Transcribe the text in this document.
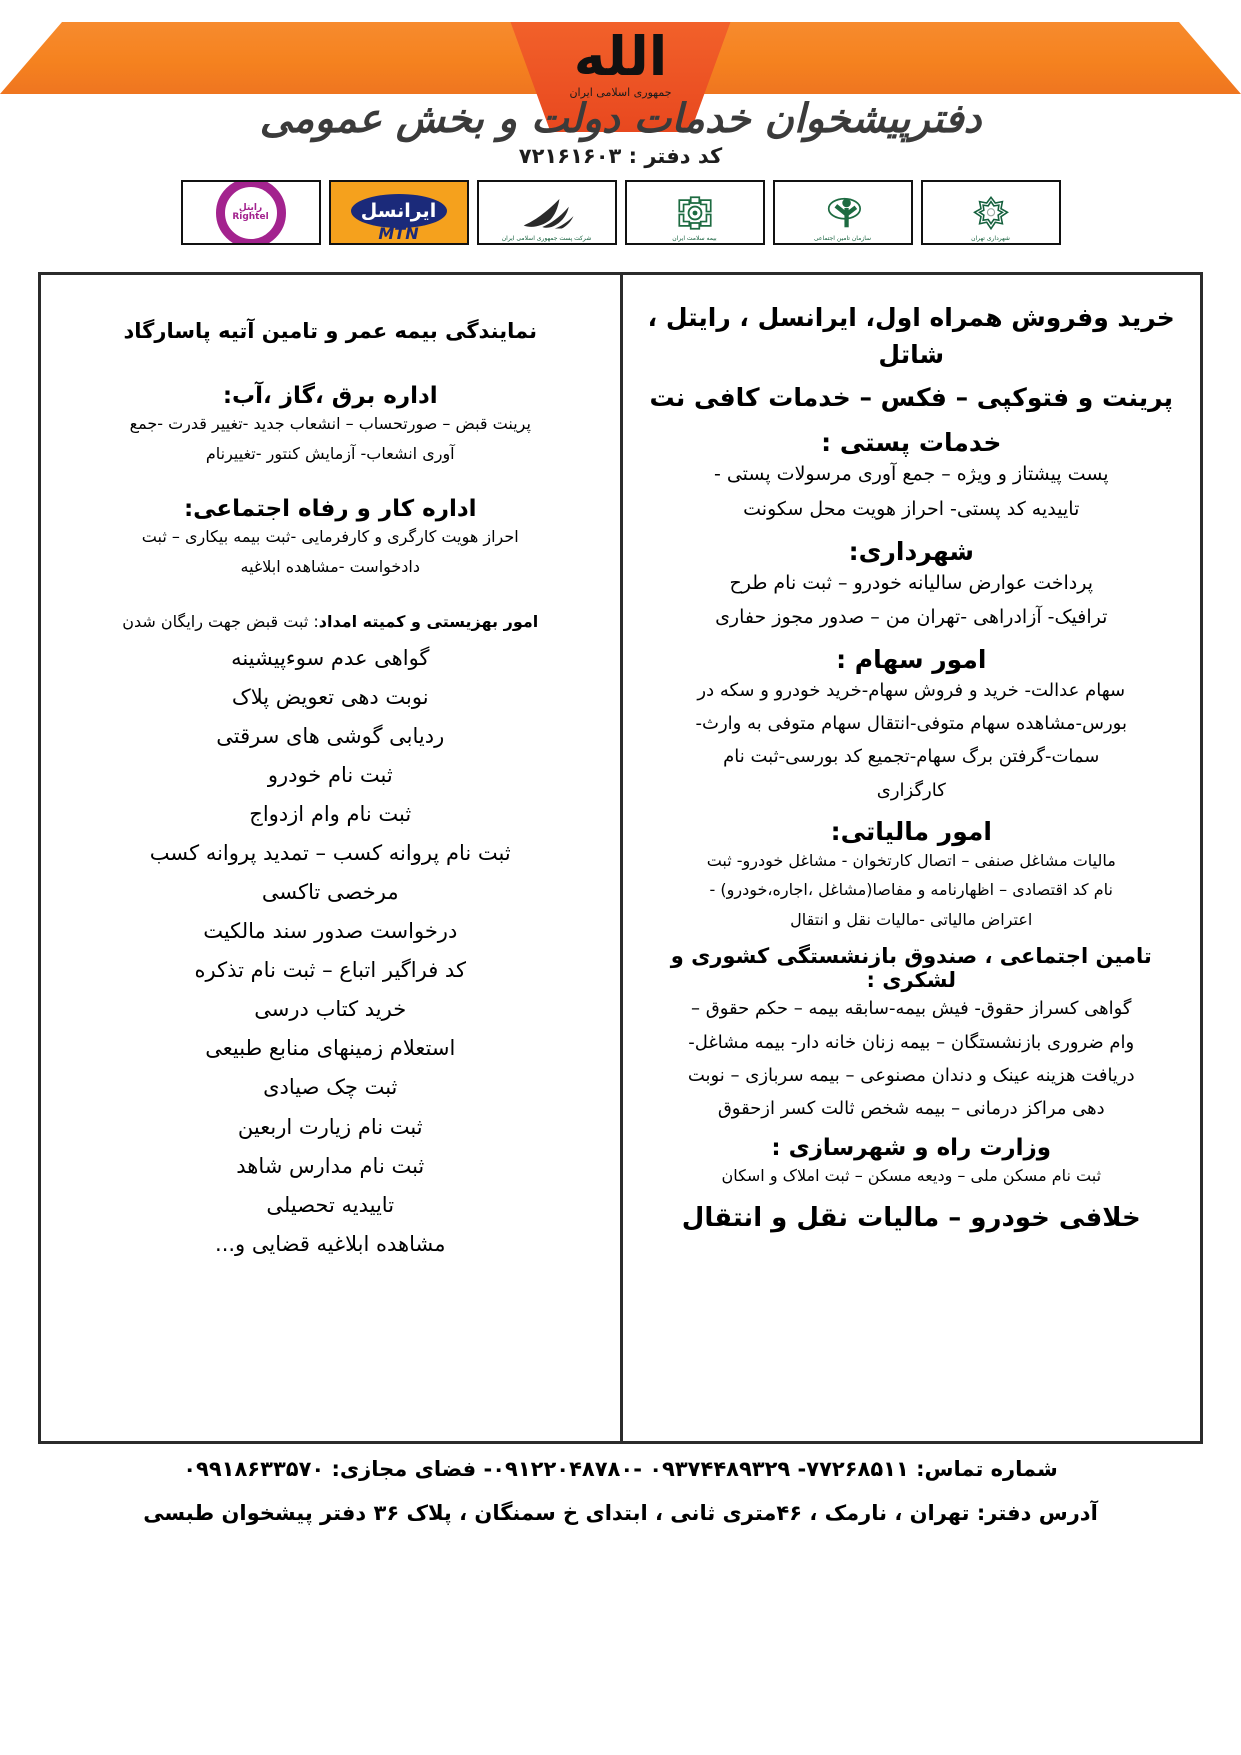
الله
جمهوری اسلامی ایران
دفترپیشخوان خدمات دولت و بخش عمومی
کد دفتر : ۷۲۱۶۱۶۰۳
شهرداری تهران
سازمان تامین اجتماعی
بیمه سلامت ایران
شرکت پست جمهوری اسلامی ایران
ایرانسل
MTN
رایتل Rightel
خرید وفروش همراه اول، ایرانسل ، رایتل ، شاتل
پرینت و فتوکپی – فکس – خدمات کافی نت
خدمات پستی :
پست پیشتاز و ویژه – جمع آوری مرسولات پستی -
تاییدیه کد پستی- احراز هویت محل سکونت
شهرداری:
پرداخت عوارض سالیانه خودرو – ثبت نام طرح
ترافیک- آزادراهی -تهران من – صدور مجوز حفاری
امور سهام :
سهام عدالت- خرید و فروش سهام-خرید خودرو و سکه در
بورس-مشاهده سهام متوفی-انتقال سهام متوفی به وارث-
سمات-گرفتن برگ سهام-تجمیع کد بورسی-ثبت نام
کارگزاری
امور مالیاتی:
مالیات مشاغل صنفی – اتصال کارتخوان - مشاغل خودرو- ثبت
نام کد اقتصادی – اظهارنامه و مفاصا(مشاغل ،اجاره،خودرو) -
اعتراض مالیاتی -مالیات نقل و انتقال
تامین اجتماعی ، صندوق بازنشستگی کشوری و لشکری :
گواهی کسراز حقوق- فیش بیمه-سابقه بیمه – حکم حقوق –
وام ضروری بازنشستگان – بیمه زنان خانه دار- بیمه مشاغل-
دریافت هزینه عینک و دندان مصنوعی – بیمه سربازی – نوبت
دهی مراکز درمانی – بیمه شخص ثالت کسر ازحقوق
وزارت راه و شهرسازی :
ثبت نام مسکن ملی – ودیعه مسکن – ثبت املاک و اسکان
خلافی خودرو – مالیات نقل و انتقال
نمایندگی بیمه عمر و تامین آتیه پاسارگاد
اداره برق ،گاز ،آب:
پرینت قبض – صورتحساب – انشعاب جدید -تغییر قدرت -جمع
آوری انشعاب- آزمایش کنتور -تغییرنام
اداره کار و رفاه اجتماعی:
احراز هویت کارگری و کارفرمایی -ثبت بیمه بیکاری – ثبت
دادخواست -مشاهده ابلاغیه
امور بهزیستی و کمیته امداد: ثبت قبض جهت رایگان شدن
گواهی عدم سوءپیشینه
نوبت دهی تعویض پلاک
ردیابی گوشی های سرقتی
ثبت نام خودرو
ثبت نام وام ازدواج
ثبت نام پروانه کسب – تمدید پروانه کسب
مرخصی تاکسی
درخواست صدور سند مالکیت
کد فراگیر اتباع – ثبت نام تذکره
خرید کتاب درسی
استعلام زمینهای منابع طبیعی
ثبت چک صیادی
ثبت نام زیارت اربعین
ثبت نام مدارس شاهد
تاییدیه تحصیلی
مشاهده ابلاغیه قضایی و...
شماره تماس: ۷۷۲۶۸۵۱۱- ۰۹۳۷۴۴۸۹۳۲۹ -۰۹۱۲۲۰۴۸۷۸۰- فضای مجازی: ۰۹۹۱۸۶۳۳۵۷۰
آدرس دفتر: تهران ، نارمک ، ۴۶متری ثانی ، ابتدای خ سمنگان ، پلاک ۳۶ دفتر پیشخوان طبسی
